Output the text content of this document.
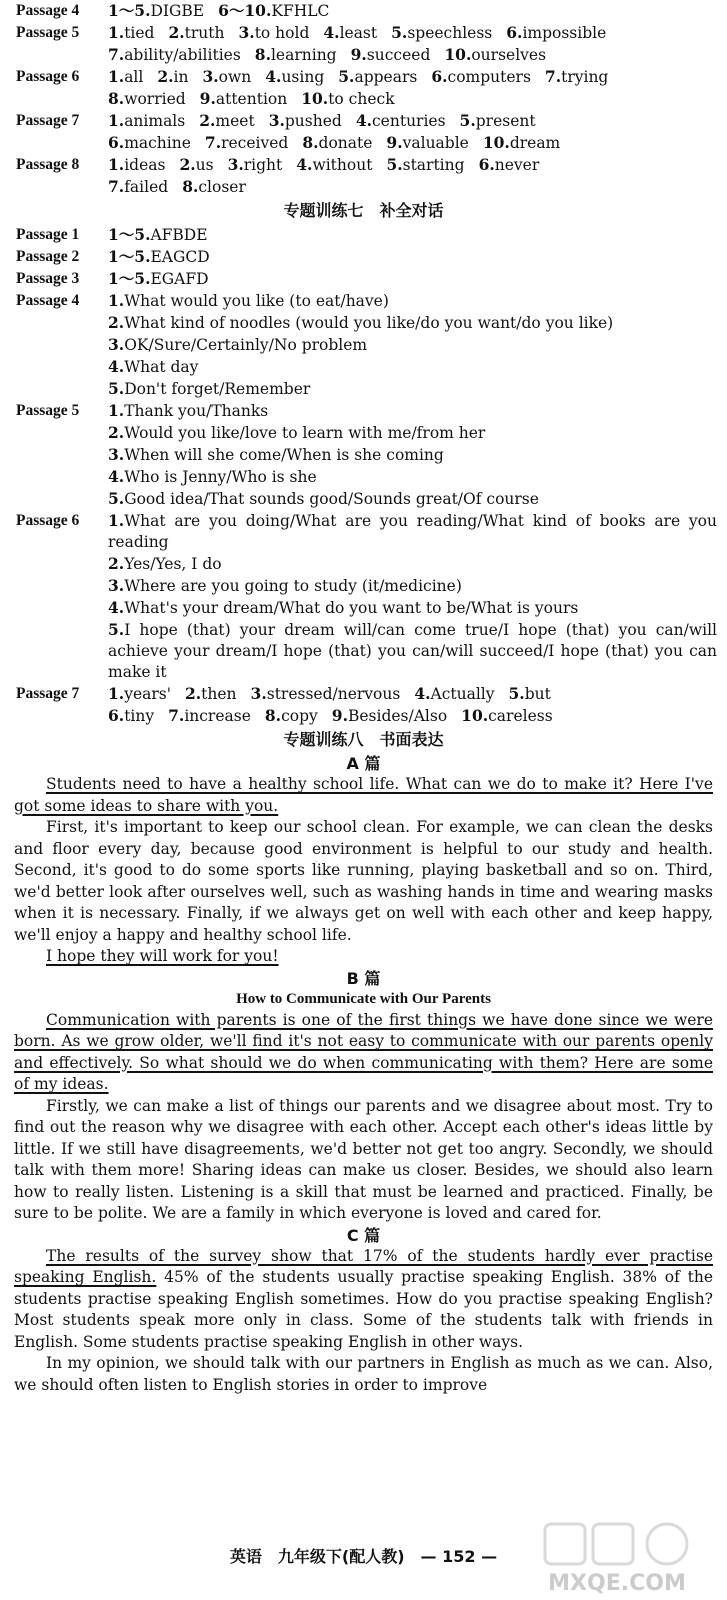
Passage 4	1～5.DIGBE 6～10.KFHLC
Passage 5	1.tied 2.truth 3.to hold 4.least 5.speechless 6.impossible
7.ability/abilities 8.learning 9.succeed 10.ourselves
Passage 6	1.all 2.in 3.own 4.using 5.appears 6.computers 7.trying
8.worried 9.attention 10.to check
Passage 7	1.animals 2.meet 3.pushed 4.centuries 5.present
6.machine 7.received 8.donate 9.valuable 10.dream
Passage 8	1.ideas 2.us 3.right 4.without 5.starting 6.never
7.failed 8.closer
专题训练七　补全对话
Passage 1	1～5.AFBDE
Passage 2	1～5.EAGCD
Passage 3	1～5.EGAFD
Passage 4	1.What would you like (to eat/have)
2.What kind of noodles (would you like/do you want/do you like)
3.OK/Sure/Certainly/No problem
4.What day
5.Don't forget/Remember
Passage 5	1.Thank you/Thanks
2.Would you like/love to learn with me/from her
3.When will she come/When is she coming
4.Who is Jenny/Who is she
5.Good idea/That sounds good/Sounds great/Of course
Passage 6	1.What are you doing/What are you reading/What kind of books are you reading
2.Yes/Yes, I do
3.Where are you going to study (it/medicine)
4.What's your dream/What do you want to be/What is yours
5.I hope (that) your dream will/can come true/I hope (that) you can/will achieve your dream/I hope (that) you can/will succeed/I hope (that) you can make it
Passage 7	1.years' 2.then 3.stressed/nervous 4.Actually 5.but
6.tiny 7.increase 8.copy 9.Besides/Also 10.careless
专题训练八　书面表达
A 篇

Students need to have a healthy school life. What can we do to make it? Here I've got some ideas to share with you.

First, it's important to keep our school clean. For example, we can clean the desks and floor every day, because good environment is helpful to our study and health. Second, it's good to do some sports like running, playing basketball and so on. Third, we'd better look after ourselves well, such as washing hands in time and wearing masks when it is necessary. Finally, if we always get on well with each other and keep happy, we'll enjoy a happy and healthy school life.

I hope they will work for you!

B 篇
How to Communicate with Our Parents

Communication with parents is one of the first things we have done since we were born. As we grow older, we'll find it's not easy to communicate with our parents openly and effectively. So what should we do when communicating with them? Here are some of my ideas.

Firstly, we can make a list of things our parents and we disagree about most. Try to find out the reason why we disagree with each other. Accept each other's ideas little by little. If we still have disagreements, we'd better not get too angry. Secondly, we should talk with them more! Sharing ideas can make us closer. Besides, we should also learn how to really listen. Listening is a skill that must be learned and practiced. Finally, be sure to be polite. We are a family in which everyone is loved and cared for.

C 篇

The results of the survey show that 17% of the students hardly ever practise speaking English. 45% of the students usually practise speaking English. 38% of the students practise speaking English sometimes. How do you practise speaking English? Most students speak more only in class. Some of the students talk with friends in English. Some students practise speaking English in other ways.

In my opinion, we should talk with our partners in English as much as we can. Also, we should often listen to English stories in order to improve

英语　九年级下(配人教)　— 152 —
MXQE.COM
